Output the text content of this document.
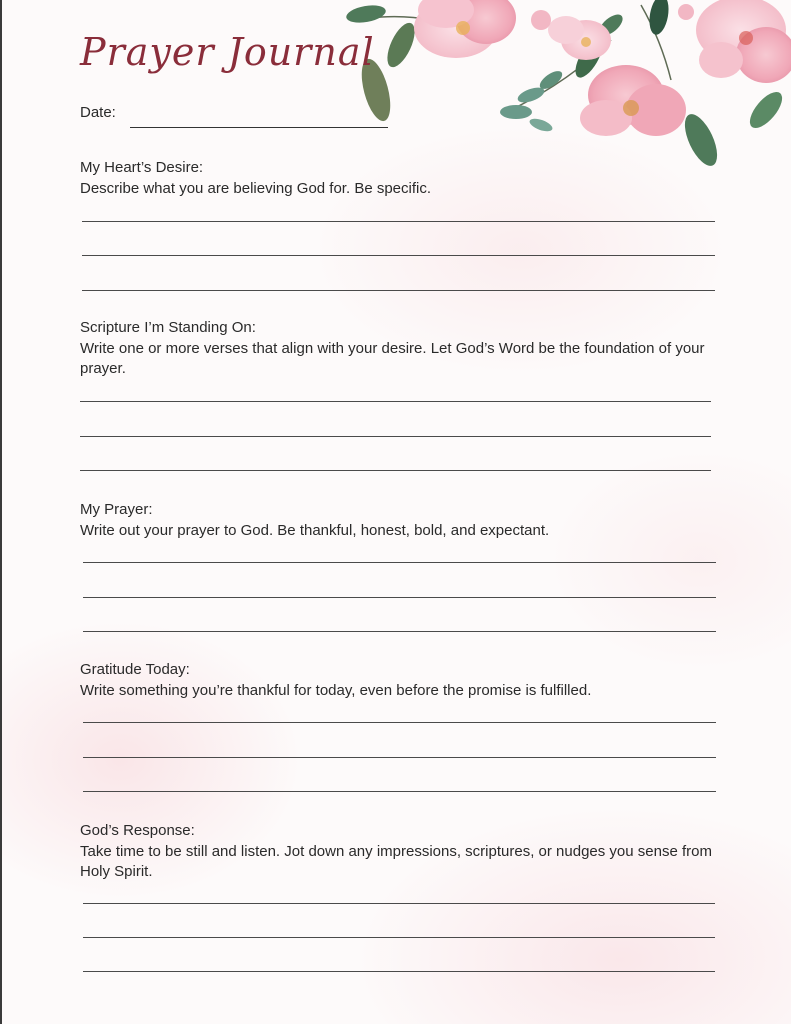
Prayer Journal
Date:
My Heart’s Desire:
Describe what you are believing God for. Be specific.
Scripture I’m Standing On:
Write one or more verses that align with your desire. Let God’s Word be the foundation of your prayer.
My Prayer:
Write out your prayer to God. Be thankful, honest, bold, and expectant.
Gratitude Today:
Write something you’re thankful for today, even before the promise is fulfilled.
God’s Response:
Take time to be still and listen. Jot down any impressions, scriptures, or nudges you sense from Holy Spirit.
